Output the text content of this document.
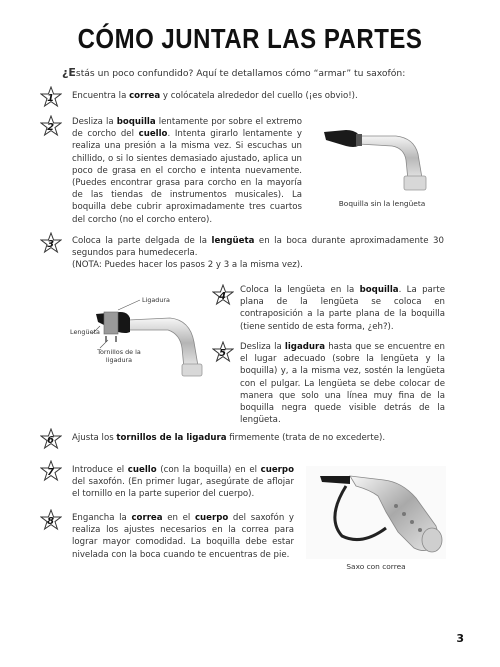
CÓMO JUNTAR LAS PARTES
¿Estás un poco confundido? Aquí te detallamos cómo “armar” tu saxofón:
1
2
3
4
5
6
7
8
Encuentra la correa y colócatela alrededor del cuello (¡es obvio!).
Desliza la boquilla lentamente por sobre el extremo de corcho del cuello. Intenta girarlo lentamente y realiza una presión a la misma vez. Si escuchas un chillido, o si lo sientes demasiado ajustado, aplica un poco de grasa en el corcho e intenta nuevamente. (Puedes encontrar grasa para corcho en la mayoría de las tiendas de instrumentos musicales). La boquilla debe cubrir aproximadamente tres cuartos del corcho (no el corcho entero).
Coloca la parte delgada de la lengüeta en la boca durante aproximadamente 30 segundos para humedecerla.
(NOTA: Puedes hacer los pasos 2 y 3 a la misma vez).
Coloca la lengüeta en la boquilla. La parte plana de la lengüeta se coloca en contraposición a la parte plana de la boquilla (tiene sentido de esta forma, ¿eh?).
Desliza la ligadura hasta que se encuentre en el lugar adecuado (sobre la lengüeta y la boquilla) y, a la misma vez, sostén la lengüeta con el pulgar. La lengüeta se debe colocar de manera que solo una línea muy fina de la boquilla negra quede visible detrás de la lengüeta.
Ajusta los tornillos de la ligadura firmemente (trata de no excederte).
Introduce el cuello (con la boquilla) en el cuerpo del saxofón. (En primer lugar, asegúrate de aflojar el tornillo en la parte superior del cuerpo).
Engancha la correa en el cuerpo del saxofón y realiza los ajustes necesarios en la correa para lograr mayor comodidad. La boquilla debe estar nivelada con la boca cuando te encuentras de pie.
Boquilla sin la lengüeta
Ligadura
Lengüeta
Tornillos de la ligadura
Saxo con correa
3
